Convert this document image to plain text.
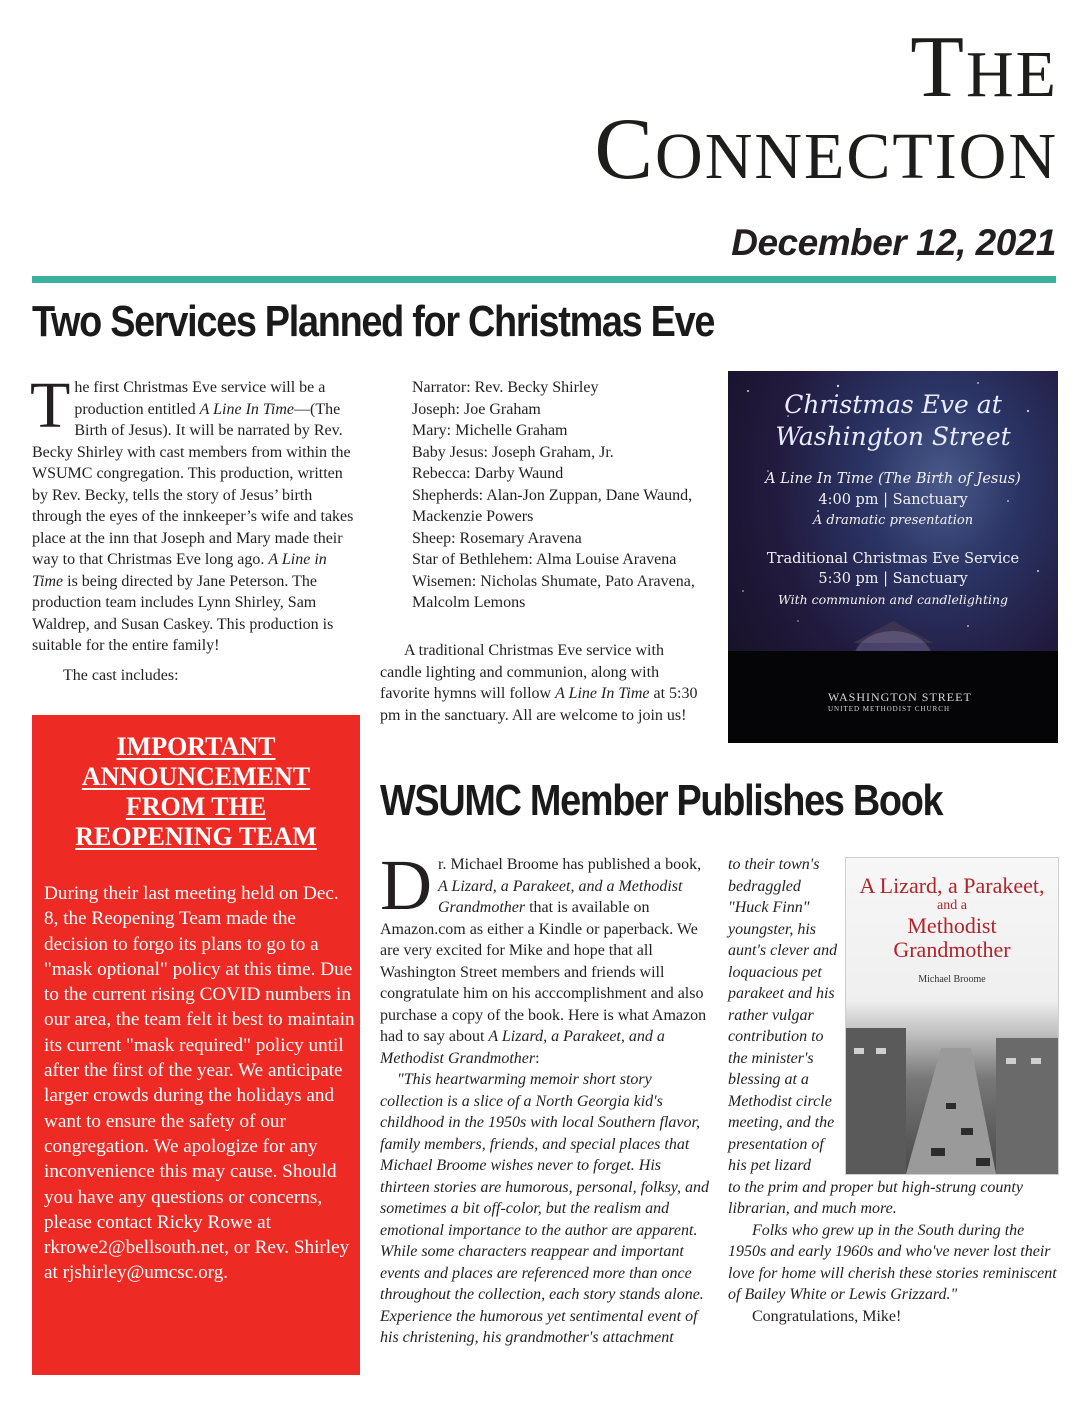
THE
CONNECTION
December 12, 2021
Two Services Planned for Christmas Eve

The first Christmas Eve service will be a production entitled A Line In Time—(The Birth of Jesus). It will be narrated by Rev. Becky Shirley with cast members from within the WSUMC congregation. This production, written by Rev. Becky, tells the story of Jesus’ birth through the eyes of the innkeeper’s wife and takes place at the inn that Joseph and Mary made their way to that Christmas Eve long ago. A Line in Time is being directed by Jane Peterson. The production team includes Lynn Shirley, Sam Waldrep, and Susan Caskey. This production is suitable for the entire family!

The cast includes:

Narrator: Rev. Becky Shirley

Joseph: Joe Graham

Mary: Michelle Graham

Baby Jesus: Joseph Graham, Jr.

Rebecca: Darby Waund

Shepherds: Alan-Jon Zuppan, Dane Waund, Mackenzie Powers

Sheep: Rosemary Aravena

Star of Bethlehem: Alma Louise Aravena

Wisemen: Nicholas Shumate, Pato Aravena, Malcolm Lemons

A traditional Christmas Eve service with candle lighting and communion, along with favorite hymns will follow A Line In Time at 5:30 pm in the sanctuary. All are welcome to join us!

Christmas Eve at
Washington Street
A Line In Time (The Birth of Jesus)
4:00 pm | Sanctuary
A dramatic presentation
Traditional Christmas Eve Service
5:30 pm | Sanctuary
With communion and candlelighting
WASHINGTON STREET
UNITED METHODIST CHURCH
IMPORTANT
ANNOUNCEMENT
FROM THE
REOPENING TEAM
During their last meeting held on Dec. 8, the Reopening Team made the decision to forgo its plans to go to a "mask optional" policy at this time. Due to the current rising COVID numbers in our area, the team felt it best to maintain its current "mask required" policy until after the first of the year. We anticipate larger crowds during the holidays and want to ensure the safety of our congregation. We apologize for any inconvenience this may cause. Should you have any questions or concerns, please contact Ricky Rowe at rkrowe2@bellsouth.net, or Rev. Shirley at rjshirley@umcsc.org.
WSUMC Member Publishes Book

Dr. Michael Broome has published a book, A Lizard, a Parakeet, and a Methodist Grandmother that is available on Amazon.com as either a Kindle or paperback. We are very excited for Mike and hope that all Washington Street members and friends will congratulate him on his acccomplishment and also purchase a copy of the book. Here is what Amazon had to say about A Lizard, a Parakeet, and a Methodist Grandmother:

"This heartwarming memoir short story collection is a slice of a North Georgia kid's childhood in the 1950s with local Southern flavor, family members, friends, and special places that Michael Broome wishes never to forget. His thirteen stories are humorous, personal, folksy, and sometimes a bit off-color, but the realism and emotional importance to the author are apparent. While some characters reappear and important events and places are referenced more than once throughout the collection, each story stands alone. Experience the humorous yet sentimental event of his christening, his grandmother's attachment

to their town's bedraggled "Huck Finn" youngster, his aunt's clever and loquacious pet parakeet and his rather vulgar contribution to the minister's blessing at a Methodist circle meeting, and the presentation of his pet lizard

to the prim and proper but high-strung county librarian, and much more.

Folks who grew up in the South during the 1950s and early 1960s and who've never lost their love for home will cherish these stories reminiscent of Bailey White or Lewis Grizzard."

Congratulations, Mike!

A Lizard, a Parakeet,
and a
Methodist
Grandmother
Michael Broome
